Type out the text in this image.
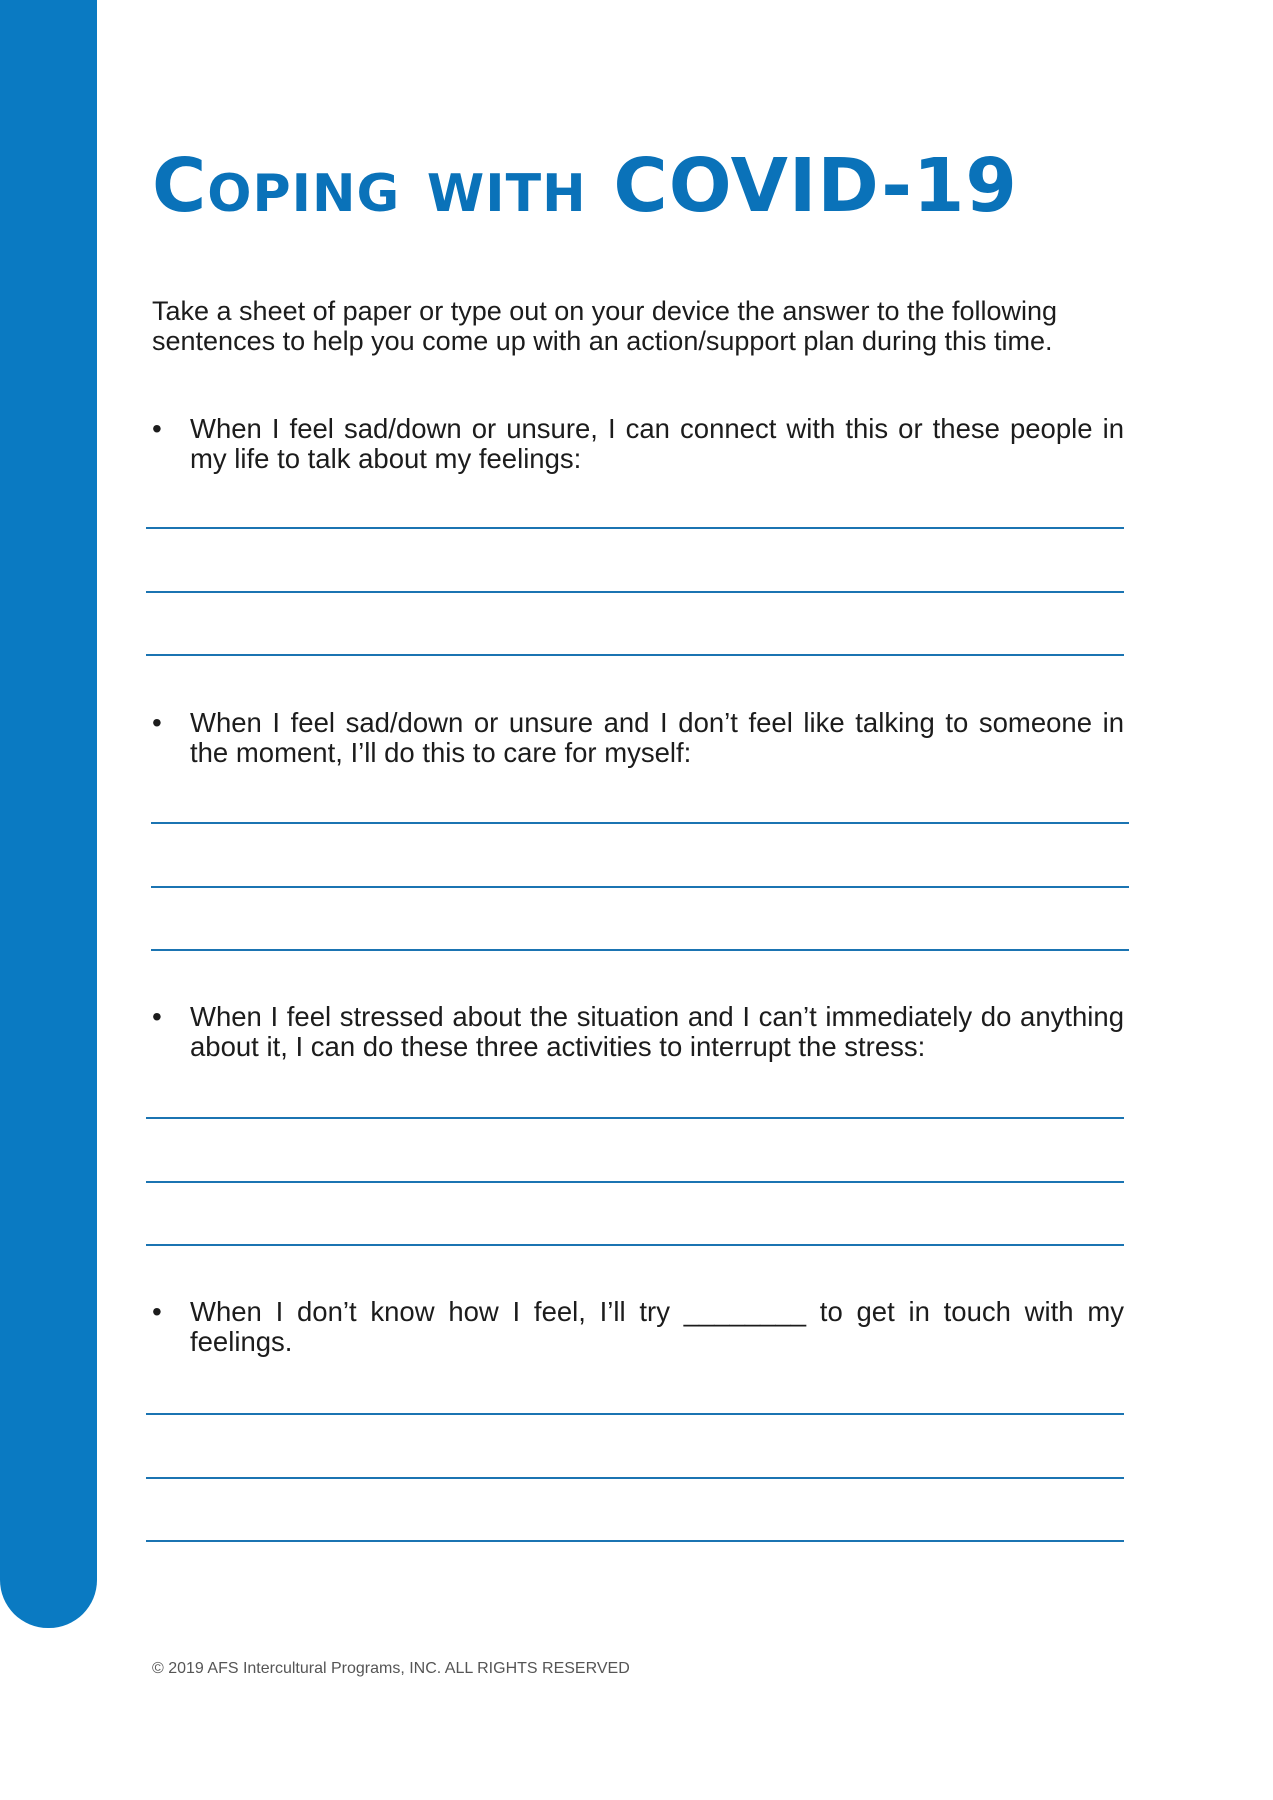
Coping with COVID-19

Take a sheet of paper or type out on your device the answer to the following sentences to help you come up with an action/support plan during this time.

•	When I feel sad/down or unsure, I can connect with this or these people in my life to talk about my feelings:

•	When I feel sad/down or unsure and I don’t feel like talking to someone in the moment, I’ll do this to care for myself:

•	When I feel stressed about the situation and I can’t immediately do anything about it, I can do these three activities to interrupt the stress:

•	When I don’t know how I feel, I’ll try ________ to get in touch with my feelings.

© 2019 AFS Intercultural Programs, INC. ALL RIGHTS RESERVED
